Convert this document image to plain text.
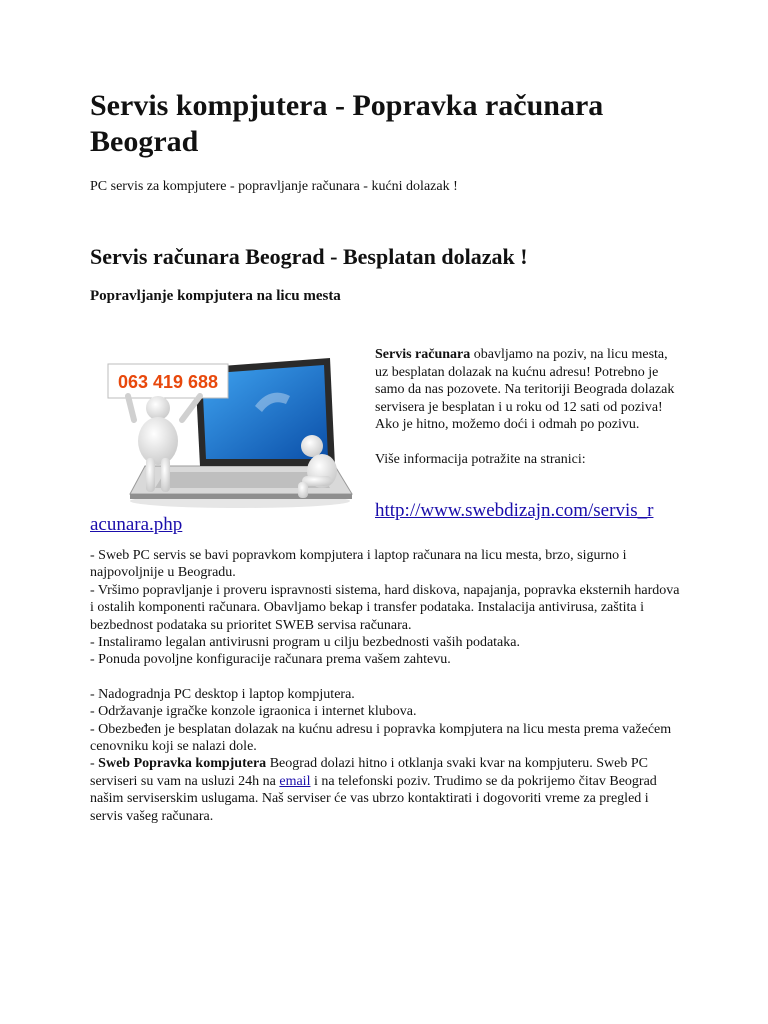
Servis kompjutera - Popravka računara Beograd
PC servis za kompjutere - popravljanje računara - kućni dolazak !
Servis računara Beograd - Besplatan dolazak !
Popravljanje kompjutera na licu mesta
063 419 688

Servis računara obavljamo na poziv, na licu mesta, uz besplatan dolazak na kućnu adresu! Potrebno je samo da nas pozovete. Na teritoriji Beograda dolazak servisera je besplatan i u roku od 12 sati od poziva! Ako je hitno, možemo doći i odmah po pozivu.

Više informacija potražite na stranici:

http://www.swebdizajn.com/servis_r
acunara.php

- Sweb PC servis se bavi popravkom kompjutera i laptop računara na licu mesta, brzo, sigurno i najpovoljnije u Beogradu.

- Vršimo popravljanje i proveru ispravnosti sistema, hard diskova, napajanja, popravka eksternih hardova i ostalih komponenti računara. Obavljamo bekap i transfer podataka. Instalacija antivirusa, zaštita i bezbednost podataka su prioritet SWEB servisa računara.

- Instaliramo legalan antivirusni program u cilju bezbednosti vaših podataka.

- Ponuda povoljne konfiguracije računara prema vašem zahtevu.

- Nadogradnja PC desktop i laptop kompjutera.

- Održavanje igračke konzole igraonica i internet klubova.

- Obezbeđen je besplatan dolazak na kućnu adresu i popravka kompjutera na licu mesta prema važećem cenovniku koji se nalazi dole.

- Sweb Popravka kompjutera Beograd dolazi hitno i otklanja svaki kvar na kompjuteru. Sweb PC serviseri su vam na usluzi 24h na email i na telefonski poziv. Trudimo se da pokrijemo čitav Beograd našim serviserskim uslugama. Naš serviser će vas ubrzo kontaktirati i dogovoriti vreme za pregled i servis vašeg računara.
